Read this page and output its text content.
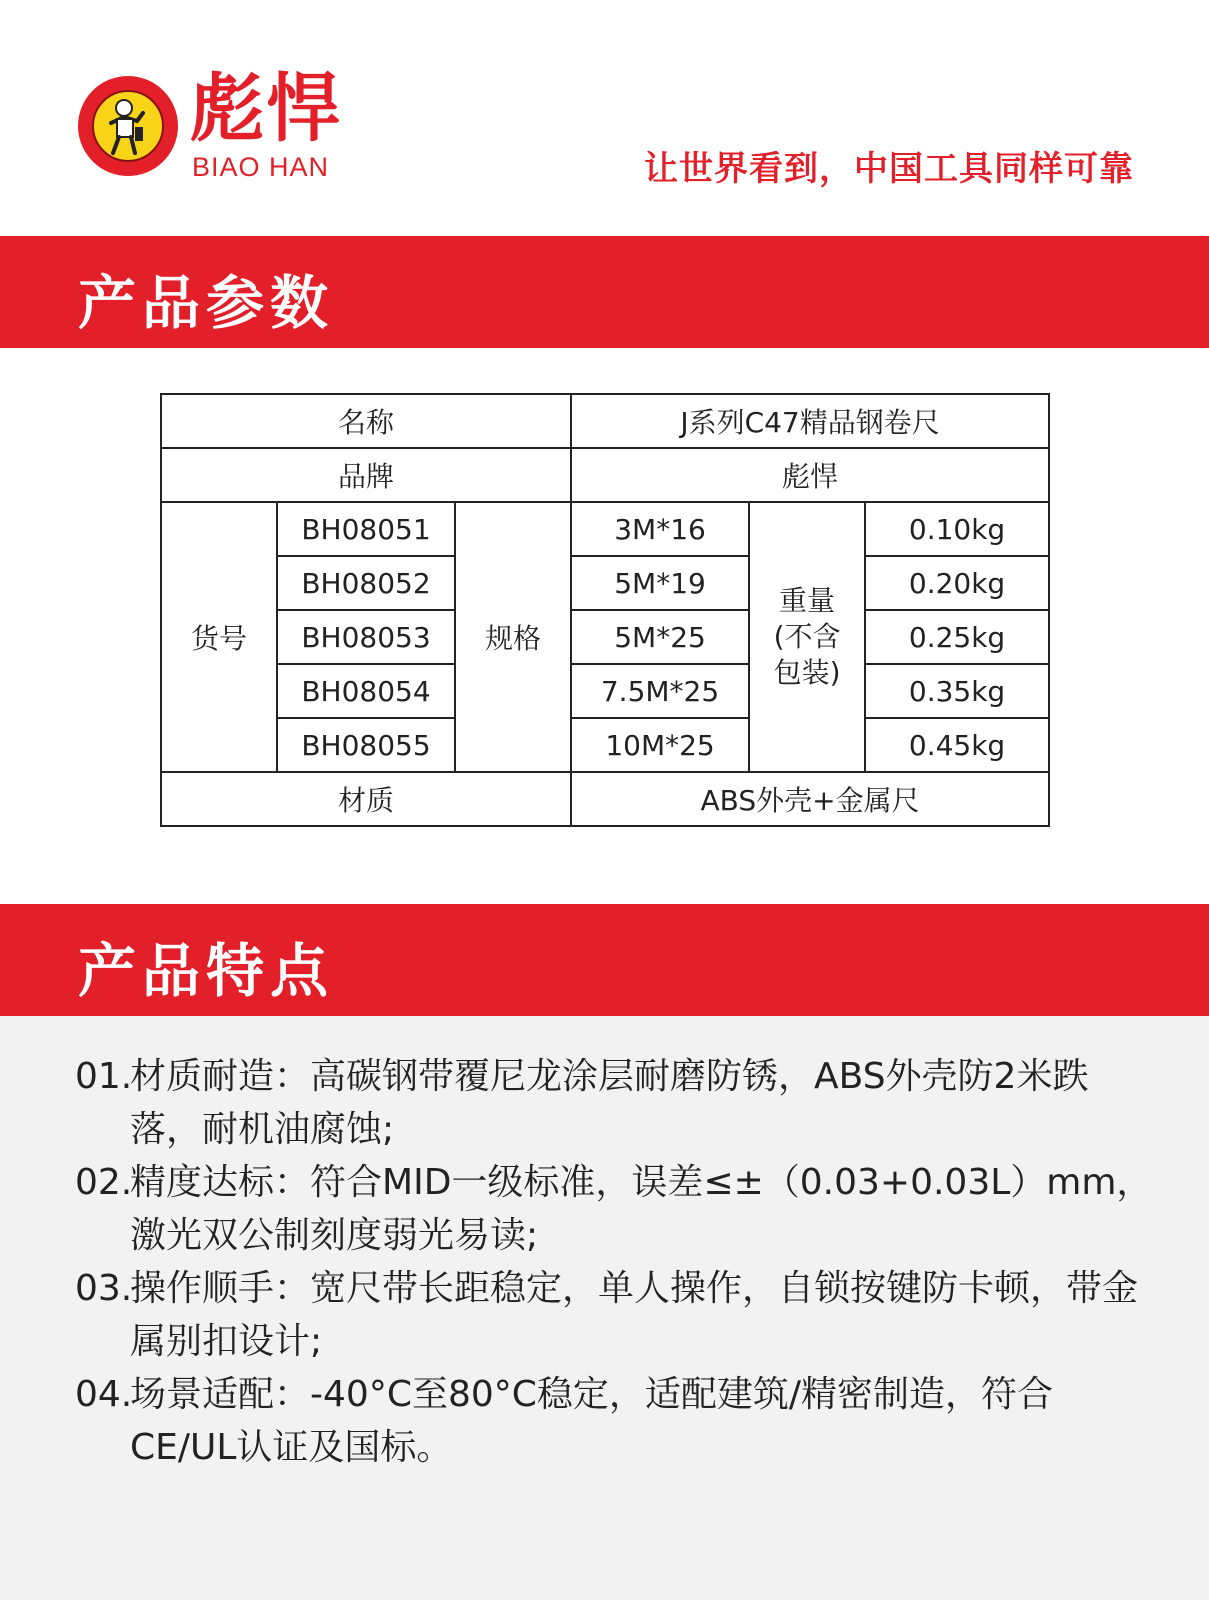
彪悍
BIAO HAN	让世界看到，中国工具同样可靠
产品参数
名称			J系列C47精品钢卷尺		
品牌			彪悍		
货号	BH08051	规格	3M*16	重量(不含包装)	0.10kg
	BH08052		5M*19		0.20kg
	BH08053		5M*25		0.25kg
	BH08054		7.5M*25		0.35kg
	BH08055		10M*25		0.45kg
材质			ABS外壳+金属尺		
产品特点
01.
材质耐造：高碳钢带覆尼龙涂层耐磨防锈，ABS外壳防2米跌落，耐机油腐蚀;
02.
精度达标：符合MID一级标准，误差≤±（0.03+0.03L）mm，激光双公制刻度弱光易读;
03.
操作顺手：宽尺带长距稳定，单人操作，自锁按键防卡顿，带金属别扣设计;
04.
场景适配：-40°C至80°C稳定，适配建筑/精密制造，符合CE/UL认证及国标。
